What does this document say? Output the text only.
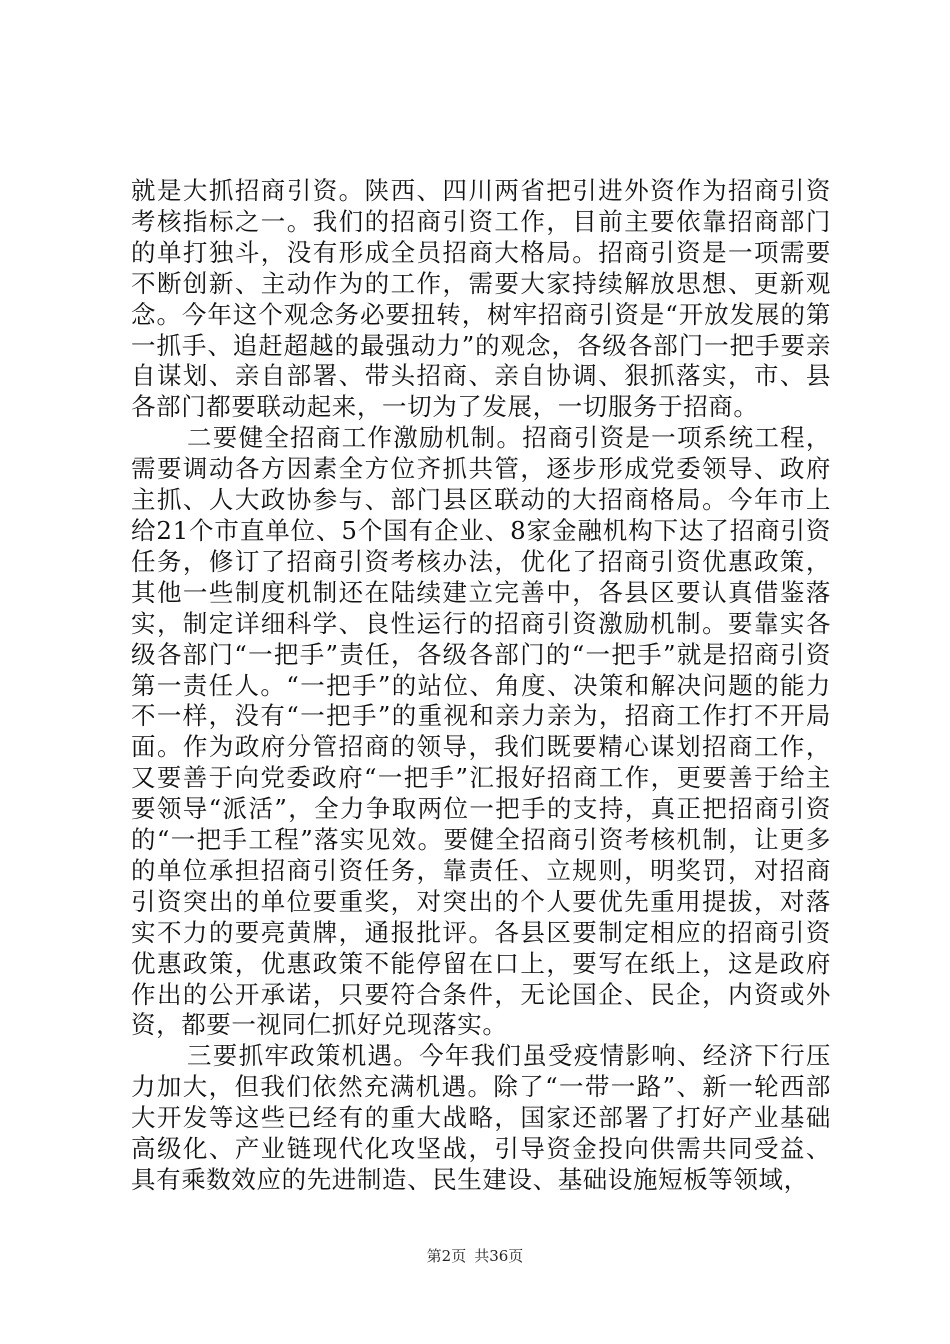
就是大抓招商引资。陕西、四川两省把引进外资作为招商引资考核指标之一。我们的招商引资工作，目前主要依靠招商部门的单打独斗，没有形成全员招商大格局。招商引资是一项需要不断创新、主动作为的工作，需要大家持续解放思想、更新观念。今年这个观念务必要扭转，树牢招商引资是“开放发展的第一抓手、追赶超越的最强动力”的观念，各级各部门一把手要亲自谋划、亲自部署、带头招商、亲自协调、狠抓落实，市、县各部门都要联动起来，一切为了发展，一切服务于招商。

二要健全招商工作激励机制。招商引资是一项系统工程，需要调动各方因素全方位齐抓共管，逐步形成党委领导、政府主抓、人大政协参与、部门县区联动的大招商格局。今年市上给21个市直单位、5个国有企业、8家金融机构下达了招商引资任务，修订了招商引资考核办法，优化了招商引资优惠政策，其他一些制度机制还在陆续建立完善中，各县区要认真借鉴落实，制定详细科学、良性运行的招商引资激励机制。要靠实各级各部门“一把手”责任，各级各部门的“一把手”就是招商引资第一责任人。“一把手”的站位、角度、决策和解决问题的能力不一样，没有“一把手”的重视和亲力亲为，招商工作打不开局面。作为政府分管招商的领导，我们既要精心谋划招商工作，又要善于向党委政府“一把手”汇报好招商工作，更要善于给主要领导“派活”，全力争取两位一把手的支持，真正把招商引资的“一把手工程”落实见效。要健全招商引资考核机制，让更多的单位承担招商引资任务，靠责任、立规则，明奖罚，对招商引资突出的单位要重奖，对突出的个人要优先重用提拔，对落实不力的要亮黄牌，通报批评。各县区要制定相应的招商引资优惠政策，优惠政策不能停留在口上，要写在纸上，这是政府作出的公开承诺，只要符合条件，无论国企、民企，内资或外资，都要一视同仁抓好兑现落实。

三要抓牢政策机遇。今年我们虽受疫情影响、经济下行压力加大，但我们依然充满机遇。除了“一带一路”、新一轮西部大开发等这些已经有的重大战略，国家还部署了打好产业基础高级化、产业链现代化攻坚战，引导资金投向供需共同受益、具有乘数效应的先进制造、民生建设、基础设施短板等领域，

第2页 共36页
